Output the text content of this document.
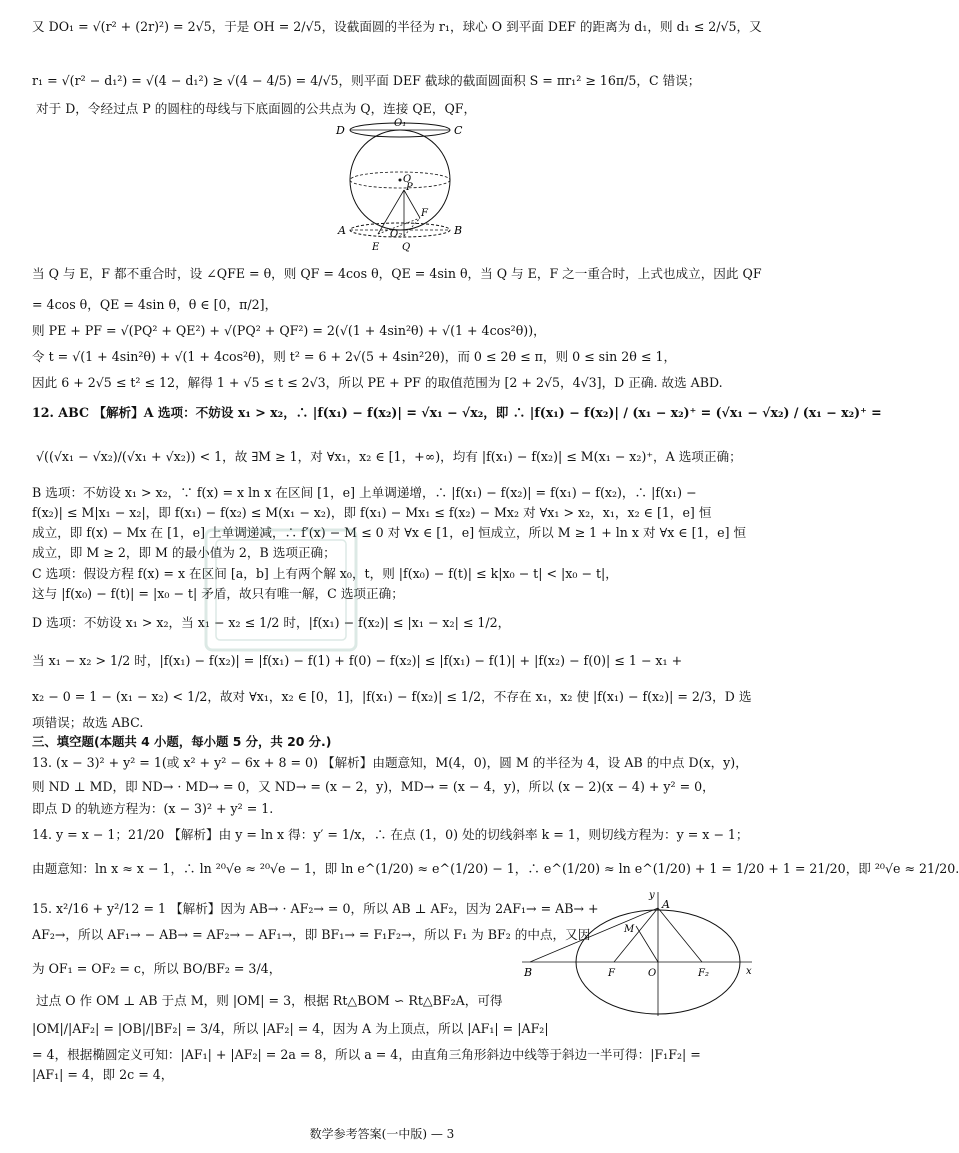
又 DO₁ = √(r² + (2r)²) = 2√5，于是 OH = 2/√5，设截面圆的半径为 r₁，球心 O 到平面 DEF 的距离为 d₁，则 d₁ ≤ 2/√5，又
r₁ = √(r² − d₁²) = √(4 − d₁²) ≥ √(4 − 4/5) = 4/√5，则平面 DEF 截球的截面圆面积 S = πr₁² ≥ 16π/5，C 错误；
对于 D，令经过点 P 的圆柱的母线与下底面圆的公共点为 Q，连接 QE，QF，
D
O₁
C
O
P
F
A	O₂	B
E Q
当 Q 与 E，F 都不重合时，设 ∠QFE = θ，则 QF = 4cos θ，QE = 4sin θ，当 Q 与 E，F 之一重合时，上式也成立，因此 QF
= 4cos θ，QE = 4sin θ，θ ∈ [0，π/2]，
则 PE + PF = √(PQ² + QE²) + √(PQ² + QF²) = 2(√(1 + 4sin²θ) + √(1 + 4cos²θ))，
令 t = √(1 + 4sin²θ) + √(1 + 4cos²θ)，则 t² = 6 + 2√(5 + 4sin²2θ)，而 0 ≤ 2θ ≤ π，则 0 ≤ sin 2θ ≤ 1，
因此 6 + 2√5 ≤ t² ≤ 12，解得 1 + √5 ≤ t ≤ 2√3，所以 PE + PF 的取值范围为 [2 + 2√5，4√3]，D 正确. 故选 ABD.
12. ABC 【解析】A 选项：不妨设 x₁ > x₂，∴ |f(x₁) − f(x₂)| = √x₁ − √x₂，即 ∴ |f(x₁) − f(x₂)| / (x₁ − x₂)⁺ = (√x₁ − √x₂) / (x₁ − x₂)⁺ =
√((√x₁ − √x₂)/(√x₁ + √x₂)) < 1，故 ∃M ≥ 1，对 ∀x₁，x₂ ∈ [1，+∞)，均有 |f(x₁) − f(x₂)| ≤ M(x₁ − x₂)⁺，A 选项正确；
B 选项：不妨设 x₁ > x₂，∵ f(x) = x ln x 在区间 [1，e] 上单调递增，∴ |f(x₁) − f(x₂)| = f(x₁) − f(x₂)，∴ |f(x₁) −
f(x₂)| ≤ M|x₁ − x₂|，即 f(x₁) − f(x₂) ≤ M(x₁ − x₂)，即 f(x₁) − Mx₁ ≤ f(x₂) − Mx₂ 对 ∀x₁ > x₂，x₁，x₂ ∈ [1，e] 恒
成立，即 f(x) − Mx 在 [1，e] 上单调递减，∴ f′(x) − M ≤ 0 对 ∀x ∈ [1，e] 恒成立，所以 M ≥ 1 + ln x 对 ∀x ∈ [1，e] 恒
成立，即 M ≥ 2，即 M 的最小值为 2，B 选项正确；
C 选项：假设方程 f(x) = x 在区间 [a，b] 上有两个解 x₀，t，则 |f(x₀) − f(t)| ≤ k|x₀ − t| < |x₀ − t|，
这与 |f(x₀) − f(t)| = |x₀ − t| 矛盾，故只有唯一解，C 选项正确；
D 选项：不妨设 x₁ > x₂，当 x₁ − x₂ ≤ 1/2 时，|f(x₁) − f(x₂)| ≤ |x₁ − x₂| ≤ 1/2，
当 x₁ − x₂ > 1/2 时，|f(x₁) − f(x₂)| = |f(x₁) − f(1) + f(0) − f(x₂)| ≤ |f(x₁) − f(1)| + |f(x₂) − f(0)| ≤ 1 − x₁ +
x₂ − 0 = 1 − (x₁ − x₂) < 1/2，故对 ∀x₁，x₂ ∈ [0，1]，|f(x₁) − f(x₂)| ≤ 1/2，不存在 x₁，x₂ 使 |f(x₁) − f(x₂)| = 2/3，D 选
项错误；故选 ABC.
三、填空题(本题共 4 小题，每小题 5 分，共 20 分.)
13. (x − 3)² + y² = 1(或 x² + y² − 6x + 8 = 0) 【解析】由题意知，M(4，0)，圆 M 的半径为 4，设 AB 的中点 D(x，y)，
则 ND ⊥ MD，即 ND→ · MD→ = 0，又 ND→ = (x − 2，y)，MD→ = (x − 4，y)，所以 (x − 2)(x − 4) + y² = 0，
即点 D 的轨迹方程为：(x − 3)² + y² = 1.
14. y = x − 1；21/20 【解析】由 y = ln x 得：y′ = 1/x，∴ 在点 (1，0) 处的切线斜率 k = 1，则切线方程为：y = x − 1；
由题意知：ln x ≈ x − 1，∴ ln ²⁰√e ≈ ²⁰√e − 1，即 ln e^(1/20) ≈ e^(1/20) − 1，∴ e^(1/20) ≈ ln e^(1/20) + 1 = 1/20 + 1 = 21/20，即 ²⁰√e ≈ 21/20.
15. x²/16 + y²/12 = 1 【解析】因为 AB→ · AF₂→ = 0，所以 AB ⊥ AF₂，因为 2AF₁→ = AB→ +
AF₂→，所以 AF₁→ − AB→ = AF₂→ − AF₁→，即 BF₁→ = F₁F₂→，所以 F₁ 为 BF₂ 的中点，又因
为 OF₁ = OF₂ = c，所以 BO/BF₂ = 3/4，
y
A
M
B	F	O	F₂	x
过点 O 作 OM ⊥ AB 于点 M，则 |OM| = 3，根据 Rt△BOM ∽ Rt△BF₂A，可得
|OM|/|AF₂| = |OB|/|BF₂| = 3/4，所以 |AF₂| = 4，因为 A 为上顶点，所以 |AF₁| = |AF₂|
= 4，根据椭圆定义可知：|AF₁| + |AF₂| = 2a = 8，所以 a = 4，由直角三角形斜边中线等于斜边一半可得：|F₁F₂| =
|AF₁| = 4，即 2c = 4，
数学参考答案(一中版) — 3
